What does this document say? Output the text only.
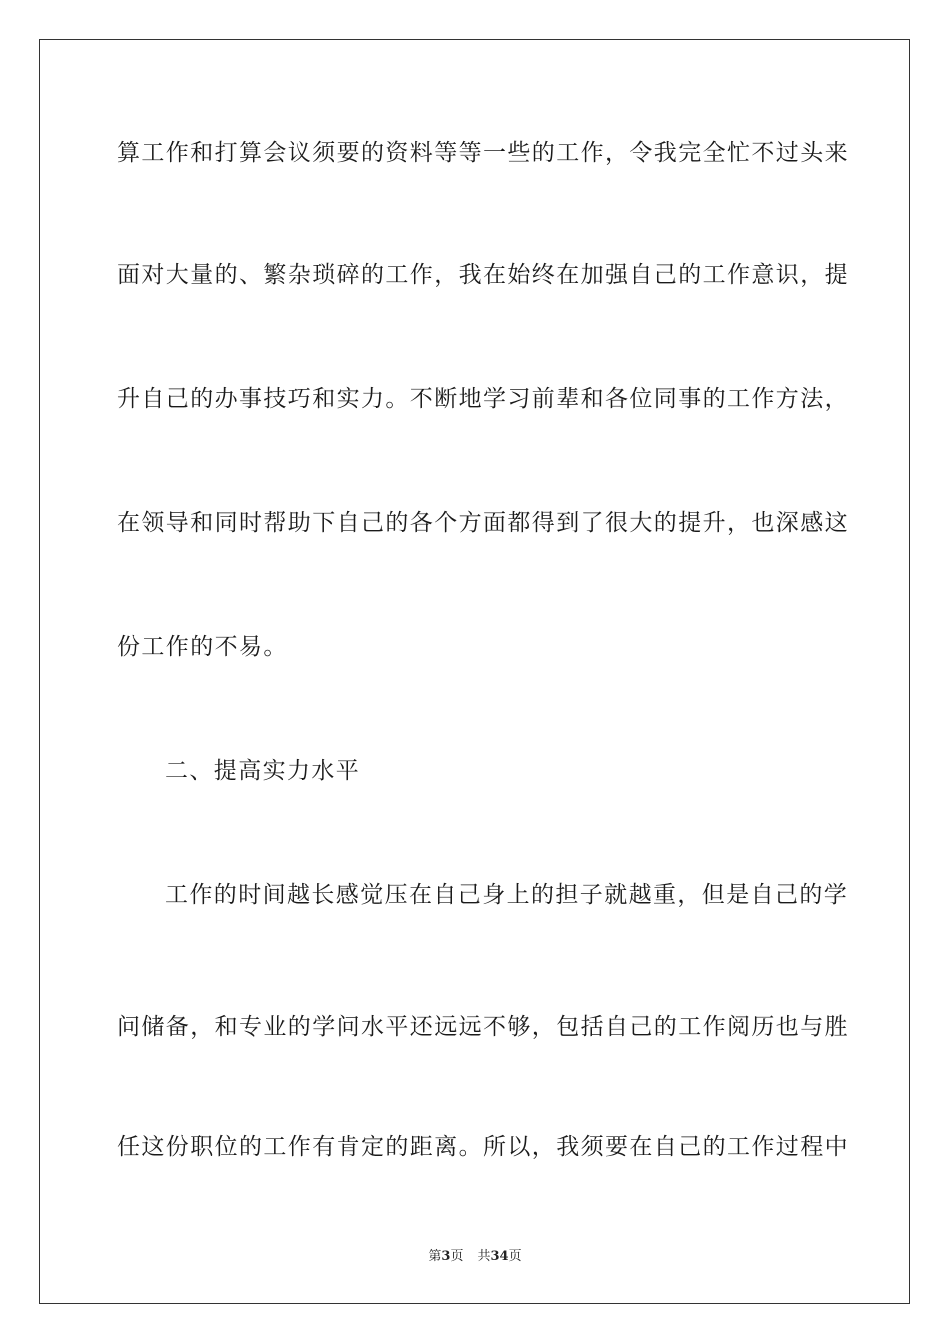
算工作和打算会议须要的资料等等一些的工作，令我完全忙不过头来
面对大量的、繁杂琐碎的工作，我在始终在加强自己的工作意识，提
升自己的办事技巧和实力。不断地学习前辈和各位同事的工作方法，
在领导和同时帮助下自己的各个方面都得到了很大的提升，也深感这
份工作的不易。
二、提高实力水平
工作的时间越长感觉压在自己身上的担子就越重，但是自己的学
问储备，和专业的学问水平还远远不够，包括自己的工作阅历也与胜
任这份职位的工作有肯定的距离。所以，我须要在自己的工作过程中
第3页 共34页
